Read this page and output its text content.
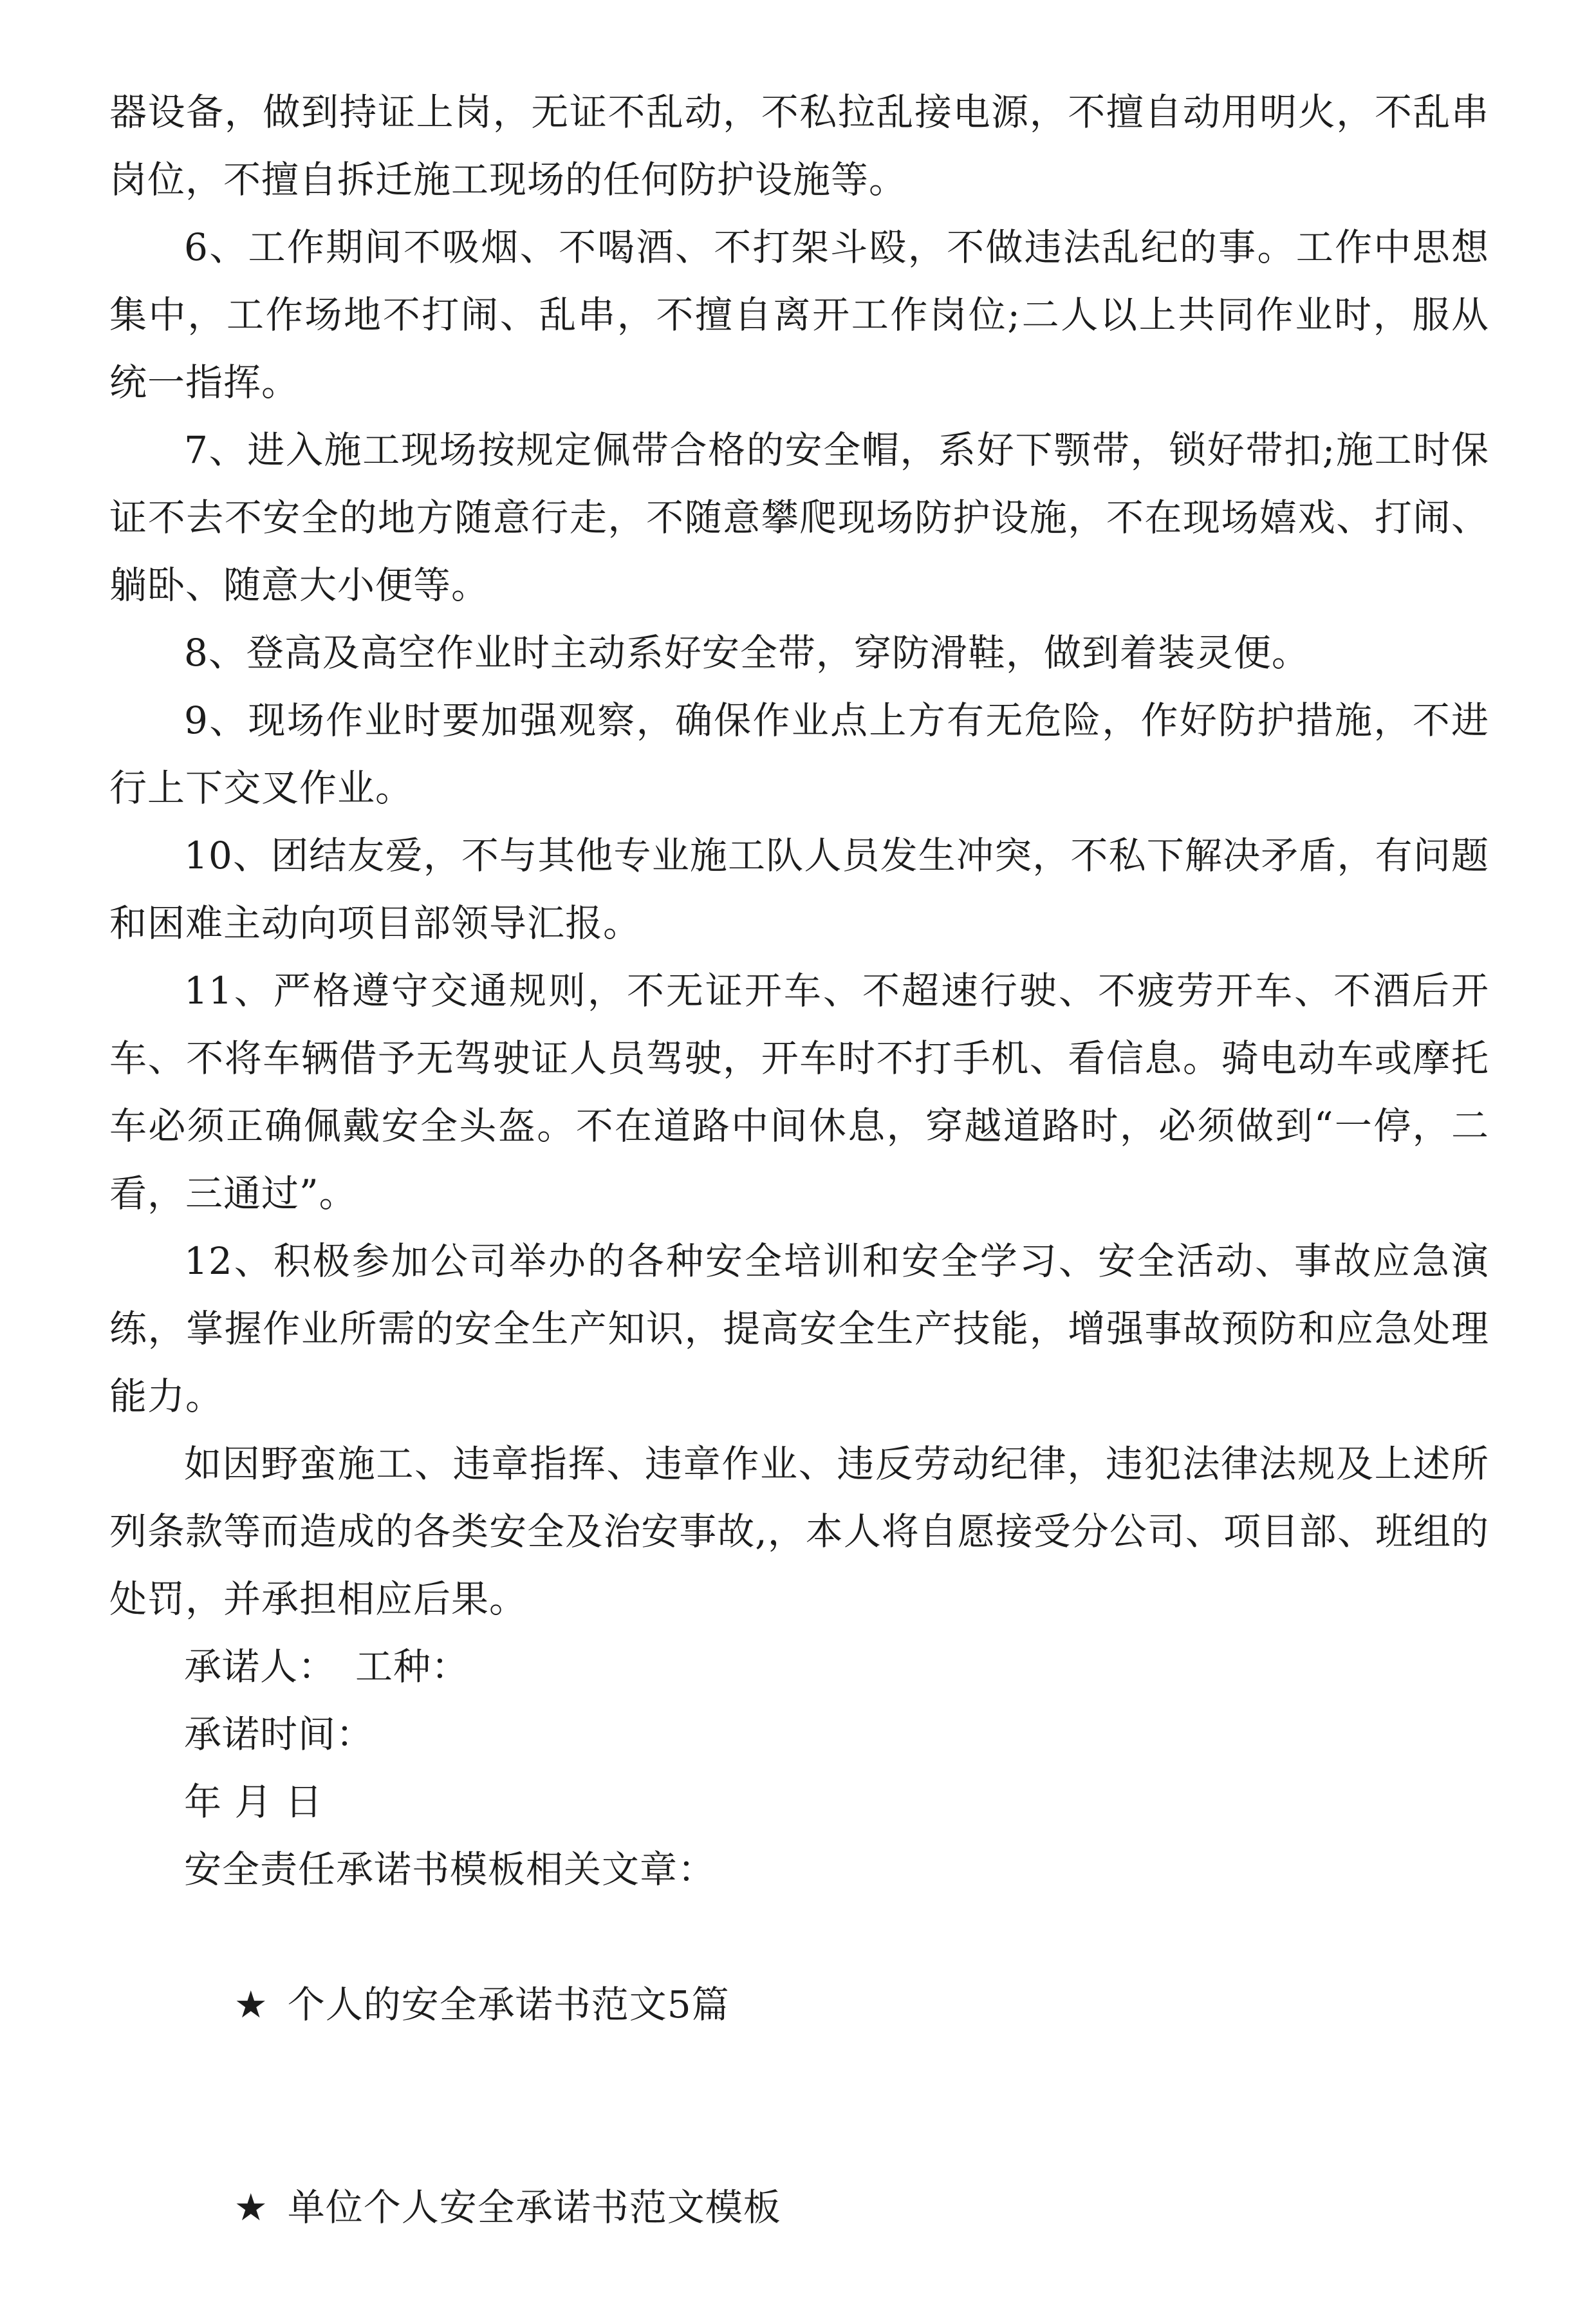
器设备，做到持证上岗，无证不乱动，不私拉乱接电源，不擅自动用明火，不乱串岗位，不擅自拆迁施工现场的任何防护设施等。

6、工作期间不吸烟、不喝酒、不打架斗殴，不做违法乱纪的事。工作中思想集中，工作场地不打闹、乱串，不擅自离开工作岗位;二人以上共同作业时，服从统一指挥。

7、进入施工现场按规定佩带合格的安全帽，系好下颚带，锁好带扣;施工时保证不去不安全的地方随意行走，不随意攀爬现场防护设施，不在现场嬉戏、打闹、躺卧、随意大小便等。

8、登高及高空作业时主动系好安全带，穿防滑鞋，做到着装灵便。

9、现场作业时要加强观察，确保作业点上方有无危险，作好防护措施，不进行上下交叉作业。

10、团结友爱，不与其他专业施工队人员发生冲突，不私下解决矛盾，有问题和困难主动向项目部领导汇报。

11、严格遵守交通规则，不无证开车、不超速行驶、不疲劳开车、不酒后开车、不将车辆借予无驾驶证人员驾驶，开车时不打手机、看信息。骑电动车或摩托车必须正确佩戴安全头盔。不在道路中间休息，穿越道路时，必须做到“一停，二看，三通过”。

12、积极参加公司举办的各种安全培训和安全学习、安全活动、事故应急演练，掌握作业所需的安全生产知识，提高安全生产技能，增强事故预防和应急处理能力。

如因野蛮施工、违章指挥、违章作业、违反劳动纪律，违犯法律法规及上述所列条款等而造成的各类安全及治安事故,，本人将自愿接受分公司、项目部、班组的处罚，并承担相应后果。

承诺人：　工种：

承诺时间：

年 月 日

安全责任承诺书模板相关文章：

★ 个人的安全承诺书范文5篇

★ 单位个人安全承诺书范文模板
